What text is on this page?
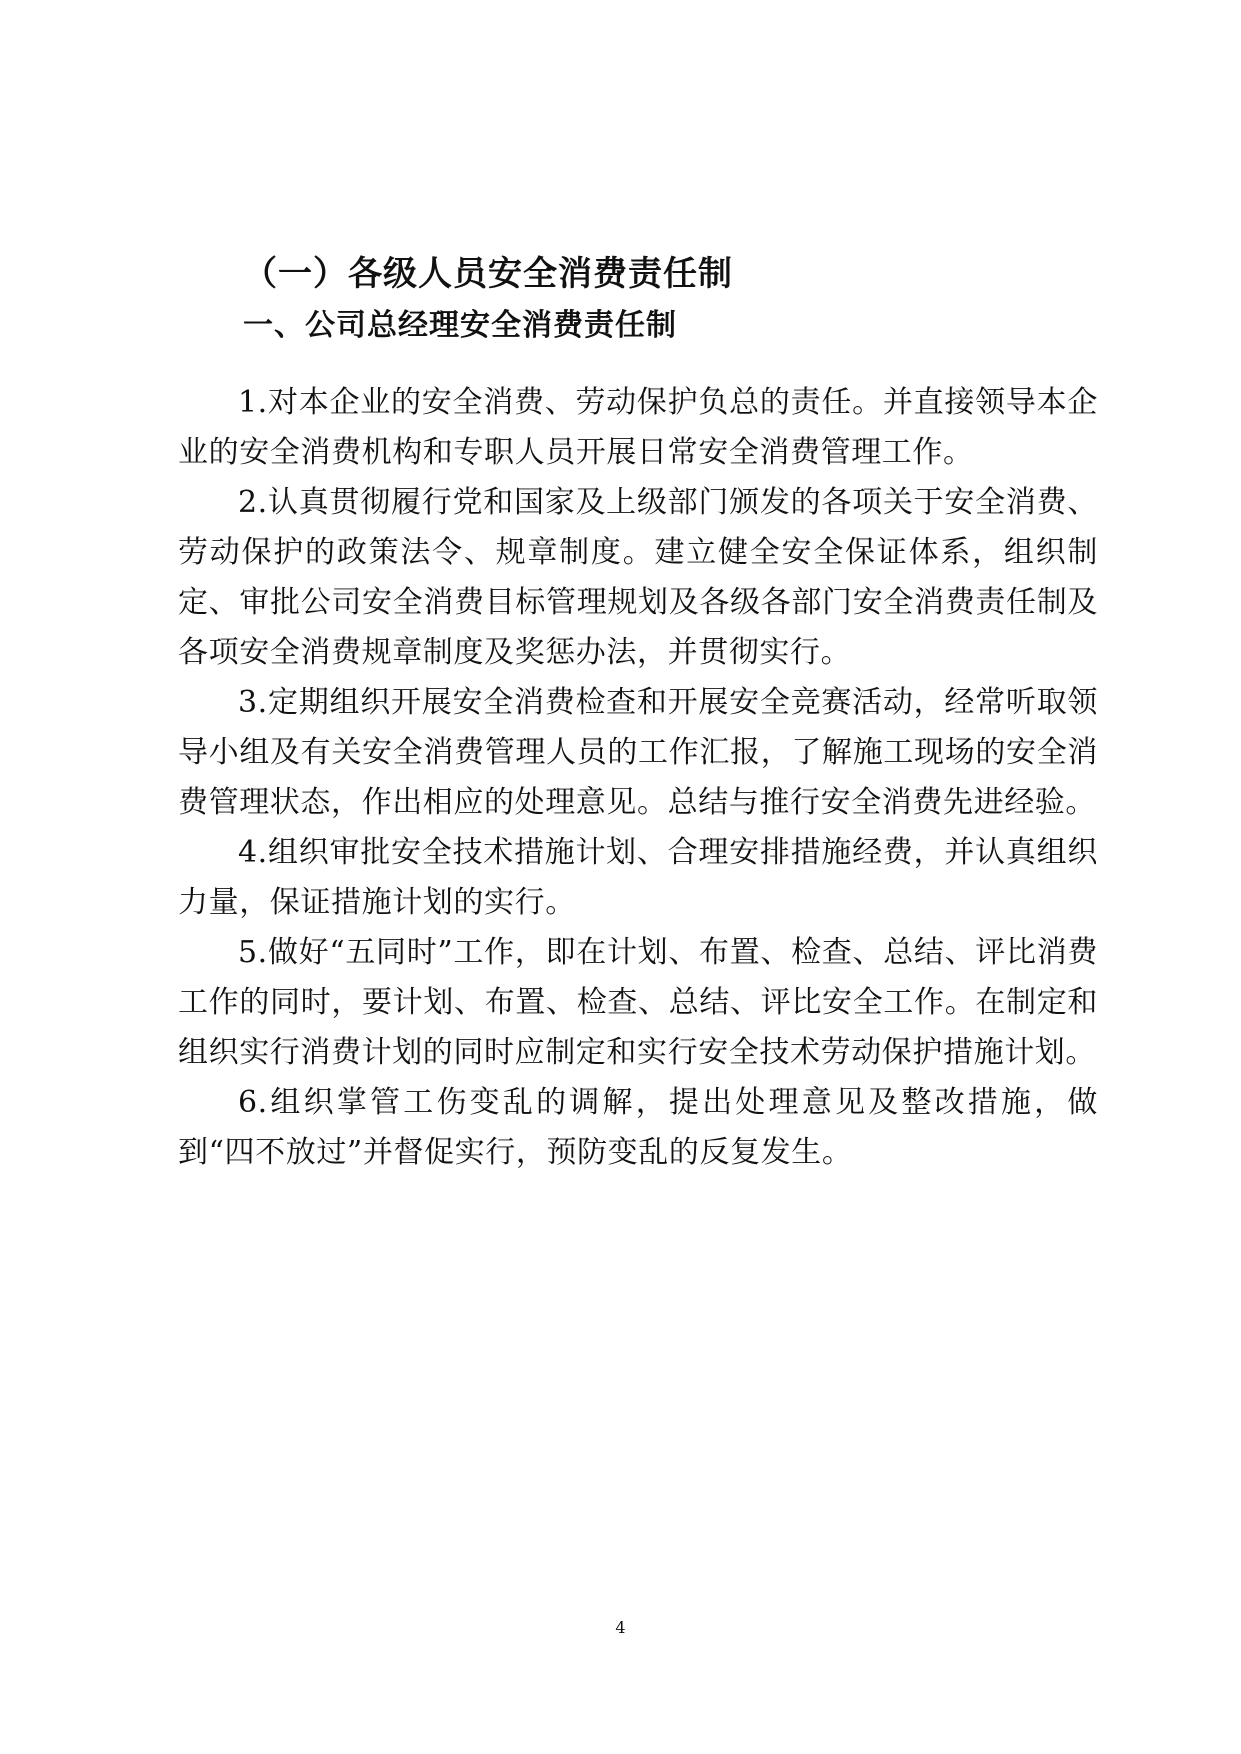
（一）各级人员安全消费责任制
一、公司总经理安全消费责任制

1.对本企业的安全消费、劳动保护负总的责任。并直接领导本企业的安全消费机构和专职人员开展日常安全消费管理工作。

2.认真贯彻履行党和国家及上级部门颁发的各项关于安全消费、劳动保护的政策法令、规章制度。建立健全安全保证体系，组织制定、审批公司安全消费目标管理规划及各级各部门安全消费责任制及各项安全消费规章制度及奖惩办法，并贯彻实行。

3.定期组织开展安全消费检查和开展安全竞赛活动，经常听取领导小组及有关安全消费管理人员的工作汇报，了解施工现场的安全消费管理状态，作出相应的处理意见。总结与推行安全消费先进经验。

4.组织审批安全技术措施计划、合理安排措施经费，并认真组织力量，保证措施计划的实行。

5.做好“五同时”工作，即在计划、布置、检查、总结、评比消费工作的同时，要计划、布置、检查、总结、评比安全工作。在制定和组织实行消费计划的同时应制定和实行安全技术劳动保护措施计划。

6.组织掌管工伤变乱的调解，提出处理意见及整改措施，做到“四不放过”并督促实行，预防变乱的反复发生。

4
